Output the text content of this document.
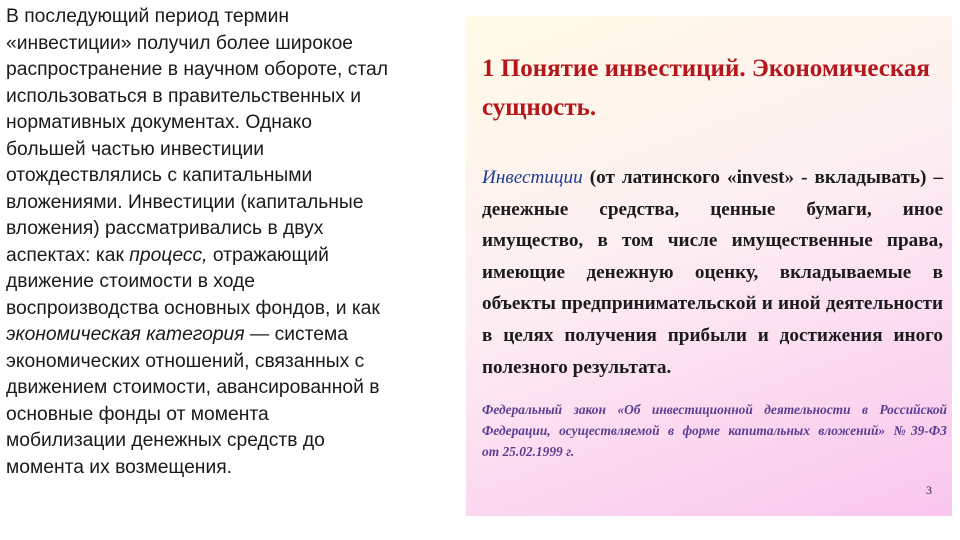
В последующий период термин
«инвестиции» получил более широкое
распространение в научном обороте, стал
использоваться в правительственных и
нормативных документах. Однако
большей частью инвестиции
отождествлялись с капитальными
вложениями. Инвестиции (капитальные
вложения) рассматривались в двух
аспектах: как процесс, отражающий
движение стоимости в ходе
воспроизводства основных фондов, и как
экономическая категория — система
экономических отношений, связанных с
движением стоимости, авансированной в
основные фонды от момента
мобилизации денежных средств до
момента их возмещения.
1 Понятие инвестиций. Экономическая
сущность.
Инвестиции (от латинского «invest» - вкладывать) –
денежные средства, ценные бумаги, иное
имущество, в том числе имущественные права,
имеющие денежную оценку, вкладываемые в
объекты предпринимательской и иной деятельности
в целях получения прибыли и достижения иного
полезного результата.
Федеральный закон «Об инвестиционной деятельности в Российской
Федерации, осуществляемой в форме капитальных вложений» №39-ФЗ
от 25.02.1999 г.
3
